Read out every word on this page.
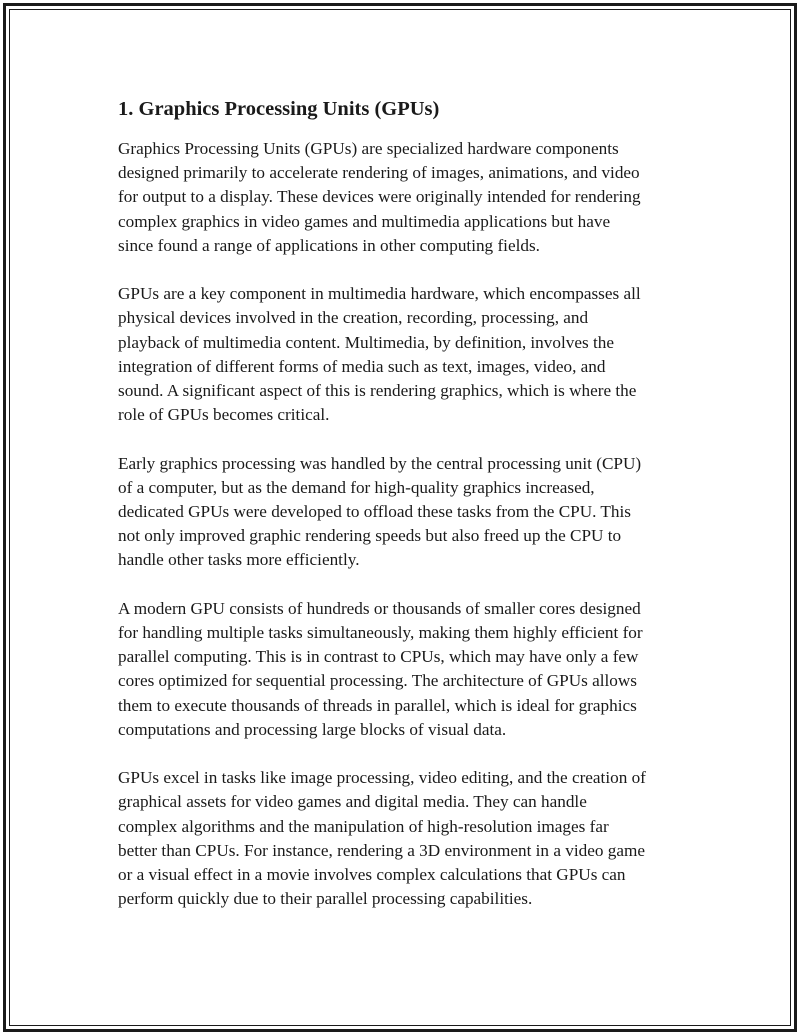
1. Graphics Processing Units (GPUs)

Graphics Processing Units (GPUs) are specialized hardware components
designed primarily to accelerate rendering of images, animations, and video
for output to a display. These devices were originally intended for rendering
complex graphics in video games and multimedia applications but have
since found a range of applications in other computing fields.

GPUs are a key component in multimedia hardware, which encompasses all
physical devices involved in the creation, recording, processing, and
playback of multimedia content. Multimedia, by definition, involves the
integration of different forms of media such as text, images, video, and
sound. A significant aspect of this is rendering graphics, which is where the
role of GPUs becomes critical.

Early graphics processing was handled by the central processing unit (CPU)
of a computer, but as the demand for high-quality graphics increased,
dedicated GPUs were developed to offload these tasks from the CPU. This
not only improved graphic rendering speeds but also freed up the CPU to
handle other tasks more efficiently.

A modern GPU consists of hundreds or thousands of smaller cores designed
for handling multiple tasks simultaneously, making them highly efficient for
parallel computing. This is in contrast to CPUs, which may have only a few
cores optimized for sequential processing. The architecture of GPUs allows
them to execute thousands of threads in parallel, which is ideal for graphics
computations and processing large blocks of visual data.

GPUs excel in tasks like image processing, video editing, and the creation of
graphical assets for video games and digital media. They can handle
complex algorithms and the manipulation of high-resolution images far
better than CPUs. For instance, rendering a 3D environment in a video game
or a visual effect in a movie involves complex calculations that GPUs can
perform quickly due to their parallel processing capabilities.
